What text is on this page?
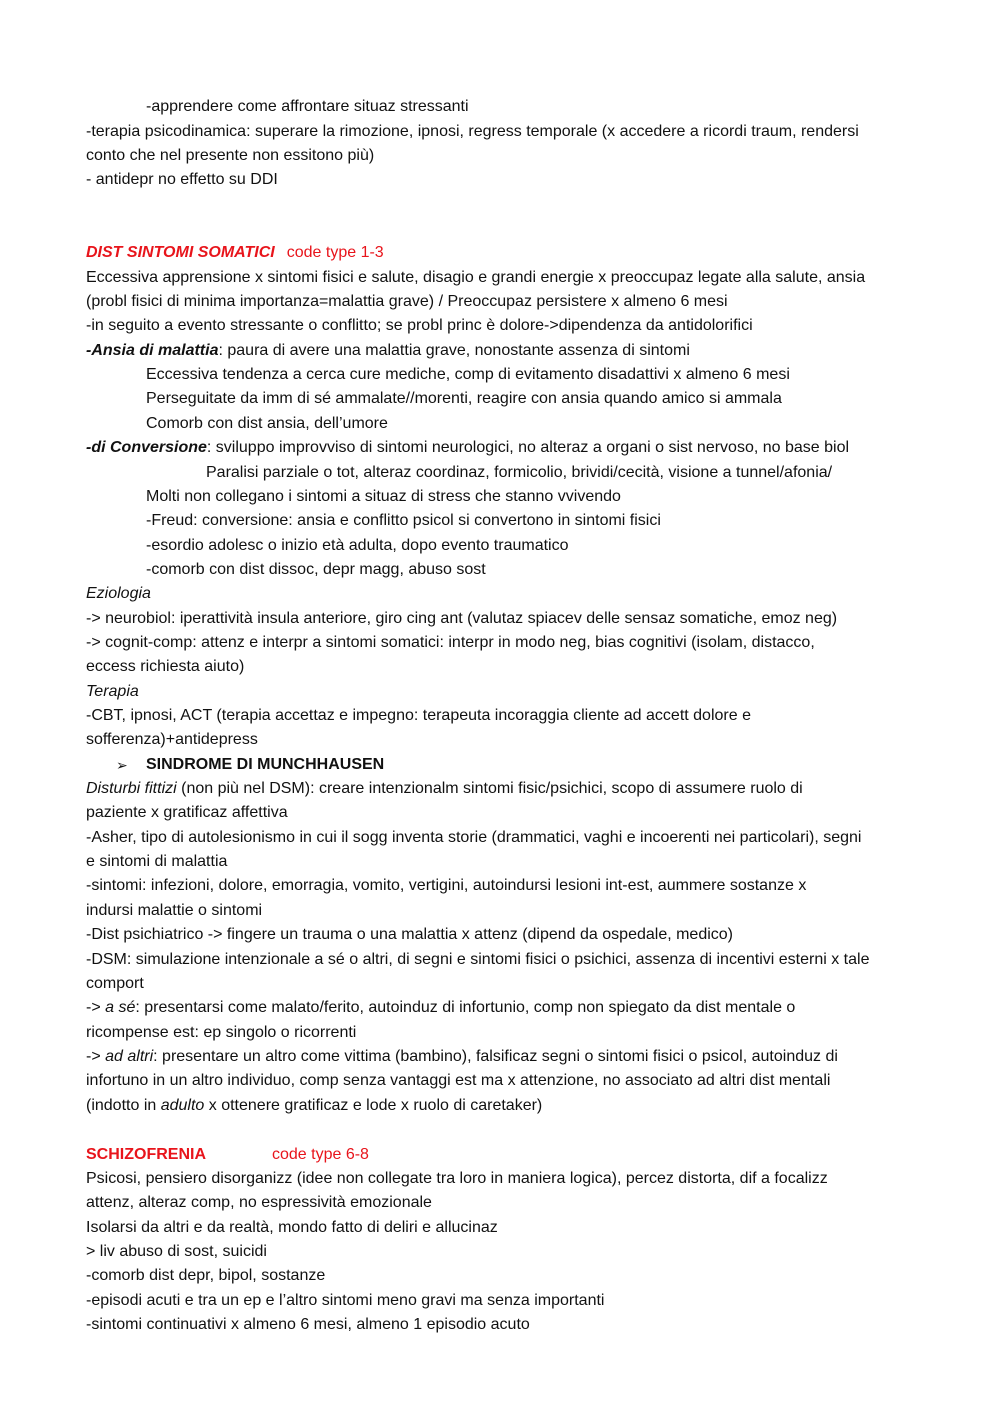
-apprendere come affrontare situaz stressanti
-terapia psicodinamica: superare la rimozione, ipnosi, regress temporale (x accedere a ricordi traum, rendersi
conto che nel presente non essitono più)
- antidepr no effetto su DDI
DIST SINTOMI SOMATICI code type 1-3
Eccessiva apprensione x sintomi fisici e salute, disagio e grandi energie x preoccupaz legate alla salute, ansia
(probl fisici di minima importanza=malattia grave) / Preoccupaz persistere x almeno 6 mesi
-in seguito a evento stressante o conflitto; se probl princ è dolore->dipendenza da antidolorifici
-Ansia di malattia: paura di avere una malattia grave, nonostante assenza di sintomi
Eccessiva tendenza a cerca cure mediche, comp di evitamento disadattivi x almeno 6 mesi
Perseguitate da imm di sé ammalate//morenti, reagire con ansia quando amico si ammala
Comorb con dist ansia, dell’umore
-di Conversione: sviluppo improvviso di sintomi neurologici, no alteraz a organi o sist nervoso, no base biol
Paralisi parziale o tot, alteraz coordinaz, formicolio, brividi/cecità, visione a tunnel/afonia/
Molti non collegano i sintomi a situaz di stress che stanno vvivendo
-Freud: conversione: ansia e conflitto psicol si convertono in sintomi fisici
-esordio adolesc o inizio età adulta, dopo evento traumatico
-comorb con dist dissoc, depr magg, abuso sost
Eziologia
-> neurobiol: iperattività insula anteriore, giro cing ant (valutaz spiacev delle sensaz somatiche, emoz neg)
-> cognit-comp: attenz e interpr a sintomi somatici: interpr in modo neg, bias cognitivi (isolam, distacco,
eccess richiesta aiuto)
Terapia
-CBT, ipnosi, ACT (terapia accettaz e impegno: terapeuta incoraggia cliente ad accett dolore e
sofferenza)+antidepress
➢ SINDROME DI MUNCHHAUSEN
Disturbi fittizi (non più nel DSM): creare intenzionalm sintomi fisic/psichici, scopo di assumere ruolo di
paziente x gratificaz affettiva
-Asher, tipo di autolesionismo in cui il sogg inventa storie (drammatici, vaghi e incoerenti nei particolari), segni
e sintomi di malattia
-sintomi: infezioni, dolore, emorragia, vomito, vertigini, autoindursi lesioni int-est, aummere sostanze x
indursi malattie o sintomi
-Dist psichiatrico -> fingere un trauma o una malattia x attenz (dipend da ospedale, medico)
-DSM: simulazione intenzionale a sé o altri, di segni e sintomi fisici o psichici, assenza di incentivi esterni x tale
comport
-> a sé: presentarsi come malato/ferito, autoinduz di infortunio, comp non spiegato da dist mentale o
ricompense est: ep singolo o ricorrenti
-> ad altri: presentare un altro come vittima (bambino), falsificaz segni o sintomi fisici o psicol, autoinduz di
infortuno in un altro individuo, comp senza vantaggi est ma x attenzione, no associato ad altri dist mentali
(indotto in adulto x ottenere gratificaz e lode x ruolo di caretaker)
SCHIZOFRENIA	code type 6-8
Psicosi, pensiero disorganizz (idee non collegate tra loro in maniera logica), percez distorta, dif a focalizz
attenz, alteraz comp, no espressività emozionale
Isolarsi da altri e da realtà, mondo fatto di deliri e allucinaz
> liv abuso di sost, suicidi
-comorb dist depr, bipol, sostanze
-episodi acuti e tra un ep e l’altro sintomi meno gravi ma senza importanti
-sintomi continuativi x almeno 6 mesi, almeno 1 episodio acuto
